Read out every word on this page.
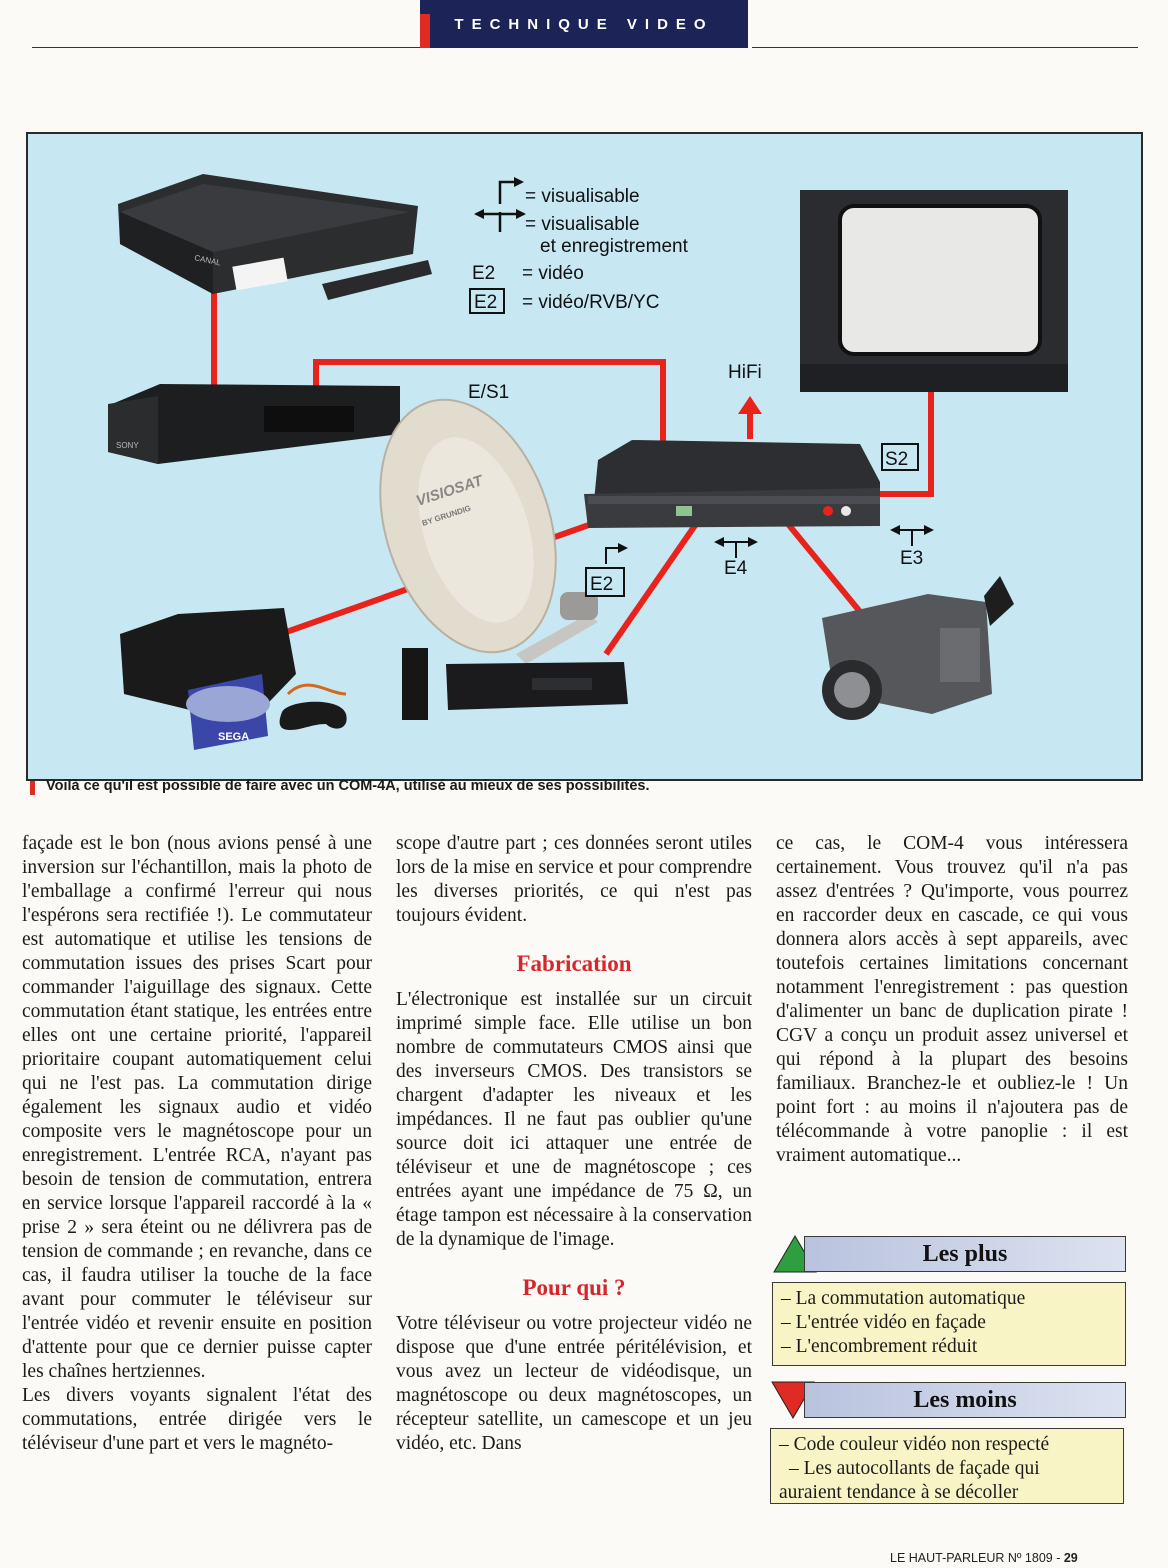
TECHNIQUE VIDEO
CANAL
SONY
VISIOSAT
BY GRUNDIG
SEGA
= visualisable
= visualisable
et enregistrement
E2 = vidéo
E2 = vidéo/RVB/YC
E/S1
HiFi
S2
E2
E4	E3
Voilà ce qu'il est possible de faire avec un COM-4A, utilisé au mieux de ses possibilités.

façade est le bon (nous avions pensé à une inversion sur l'échantillon, mais la photo de l'emballage a confirmé l'erreur qui nous l'espérons sera rectifiée !). Le commutateur est automatique et utilise les tensions de commutation issues des prises Scart pour commander l'aiguillage des signaux. Cette commutation étant statique, les entrées entre elles ont une certaine priorité, l'appareil prioritaire coupant automatiquement celui qui ne l'est pas. La commutation dirige également les signaux audio et vidéo composite vers le magnétoscope pour un enregistrement. L'entrée RCA, n'ayant pas besoin de tension de commutation, entrera en service lorsque l'appareil raccordé à la « prise 2 » sera éteint ou ne délivrera pas de tension de commande ; en revanche, dans ce cas, il faudra utiliser la touche de la face avant pour commuter le téléviseur sur l'entrée vidéo et revenir ensuite en position d'attente pour que ce dernier puisse capter les chaînes hertziennes.

Les divers voyants signalent l'état des commutations, entrée dirigée vers le téléviseur d'une part et vers le magnéto-

scope d'autre part ; ces données seront utiles lors de la mise en service et pour comprendre les diverses priorités, ce qui n'est pas toujours évident.

Fabrication

L'électronique est installée sur un circuit imprimé simple face. Elle utilise un bon nombre de commutateurs CMOS ainsi que des inverseurs CMOS. Des transistors se chargent d'adapter les niveaux et les impédances. Il ne faut pas oublier qu'une source doit ici attaquer une entrée de téléviseur et une de magnétoscope ; ces entrées ayant une impédance de 75 Ω, un étage tampon est nécessaire à la conservation de la dynamique de l'image.

Pour qui ?

Votre téléviseur ou votre projecteur vidéo ne dispose que d'une entrée péritélévision, et vous avez un lecteur de vidéodisque, un magnétoscope ou deux magnétoscopes, un récepteur satellite, un camescope et un jeu vidéo, etc. Dans

ce cas, le COM-4 vous intéressera certainement. Vous trouvez qu'il n'a pas assez d'entrées ? Qu'importe, vous pourrez en raccorder deux en cascade, ce qui vous donnera alors accès à sept appareils, avec toutefois certaines limitations concernant notamment l'enregistrement : pas question d'alimenter un banc de duplication pirate ! CGV a conçu un produit assez universel et qui répond à la plupart des besoins familiaux. Branchez-le et oubliez-le ! Un point fort : au moins il n'ajoutera pas de télécommande à votre panoplie : il est vraiment automatique...

Les plus
– La commutation automatique
– L'entrée vidéo en façade
– L'encombrement réduit
Les moins
– Code couleur vidéo non respecté
– Les autocollants de façade qui
auraient tendance à se décoller
LE HAUT-PARLEUR Nº 1809 - 29
